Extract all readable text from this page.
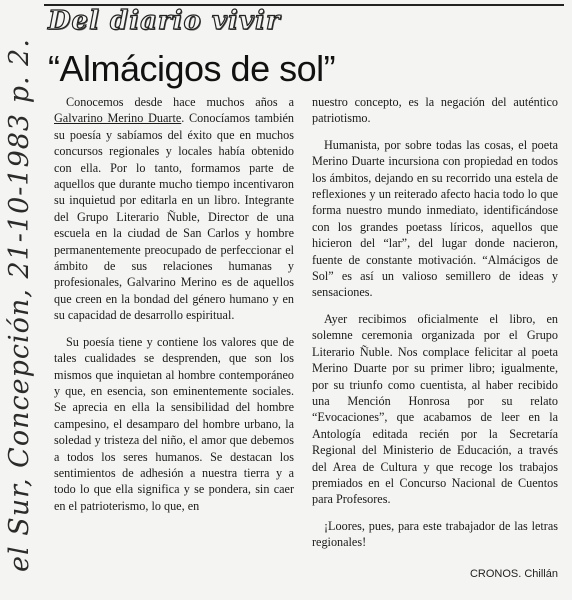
Del diario vivir
“Almácigos de sol”

Conocemos desde hace muchos años a Galvarino Merino Duarte. Conocíamos también su poesía y sabíamos del éxito que en muchos concursos regionales y locales había obtenido con ella. Por lo tanto, formamos parte de aquellos que durante mucho tiempo incentivaron su inquietud por editarla en un libro. Integrante del Grupo Literario Ñuble, Director de una escuela en la ciudad de San Carlos y hombre permanentemente preocupado de perfeccionar el ámbito de sus relaciones humanas y profesionales, Galvarino Merino es de aquellos que creen en la bondad del género humano y en su capacidad de desarrollo espiritual.

Su poesía tiene y contiene los valores que de tales cualidades se desprenden, que son los mismos que inquietan al hombre contemporáneo y que, en esencia, son eminentemente sociales. Se aprecia en ella la sensibilidad del hombre campesino, el desamparo del hombre urbano, la soledad y tristeza del niño, el amor que debemos a todos los seres humanos. Se destacan los sentimientos de adhesión a nuestra tierra y a todo lo que ella significa y se pondera, sin caer en el patrioterismo, lo que, en

nuestro concepto, es la negación del auténtico patriotismo.

Humanista, por sobre todas las cosas, el poeta Merino Duarte incursiona con propiedad en todos los ámbitos, dejando en su recorrido una estela de reflexiones y un reiterado afecto hacia todo lo que forma nuestro mundo inmediato, identificándose con los grandes poetass líricos, aquellos que hicieron del “lar”, del lugar donde nacieron, fuente de constante motivación. “Almácigos de Sol” es así un valioso semillero de ideas y sensaciones.

Ayer recibimos oficialmente el libro, en solemne ceremonia organizada por el Grupo Literario Ñuble. Nos complace felicitar al poeta Merino Duarte por su primer libro; igualmente, por su triunfo como cuentista, al haber recibido una Mención Honrosa por su relato “Evocaciones”, que acabamos de leer en la Antología editada recién por la Secretaría Regional del Ministerio de Educación, a través del Area de Cultura y que recoge los trabajos premiados en el Concurso Nacional de Cuentos para Profesores.

¡Loores, pues, para este trabajador de las letras regionales!

CRONOS. Chillán
el Sur, Concepción, 21-10-1983 p. 2.
